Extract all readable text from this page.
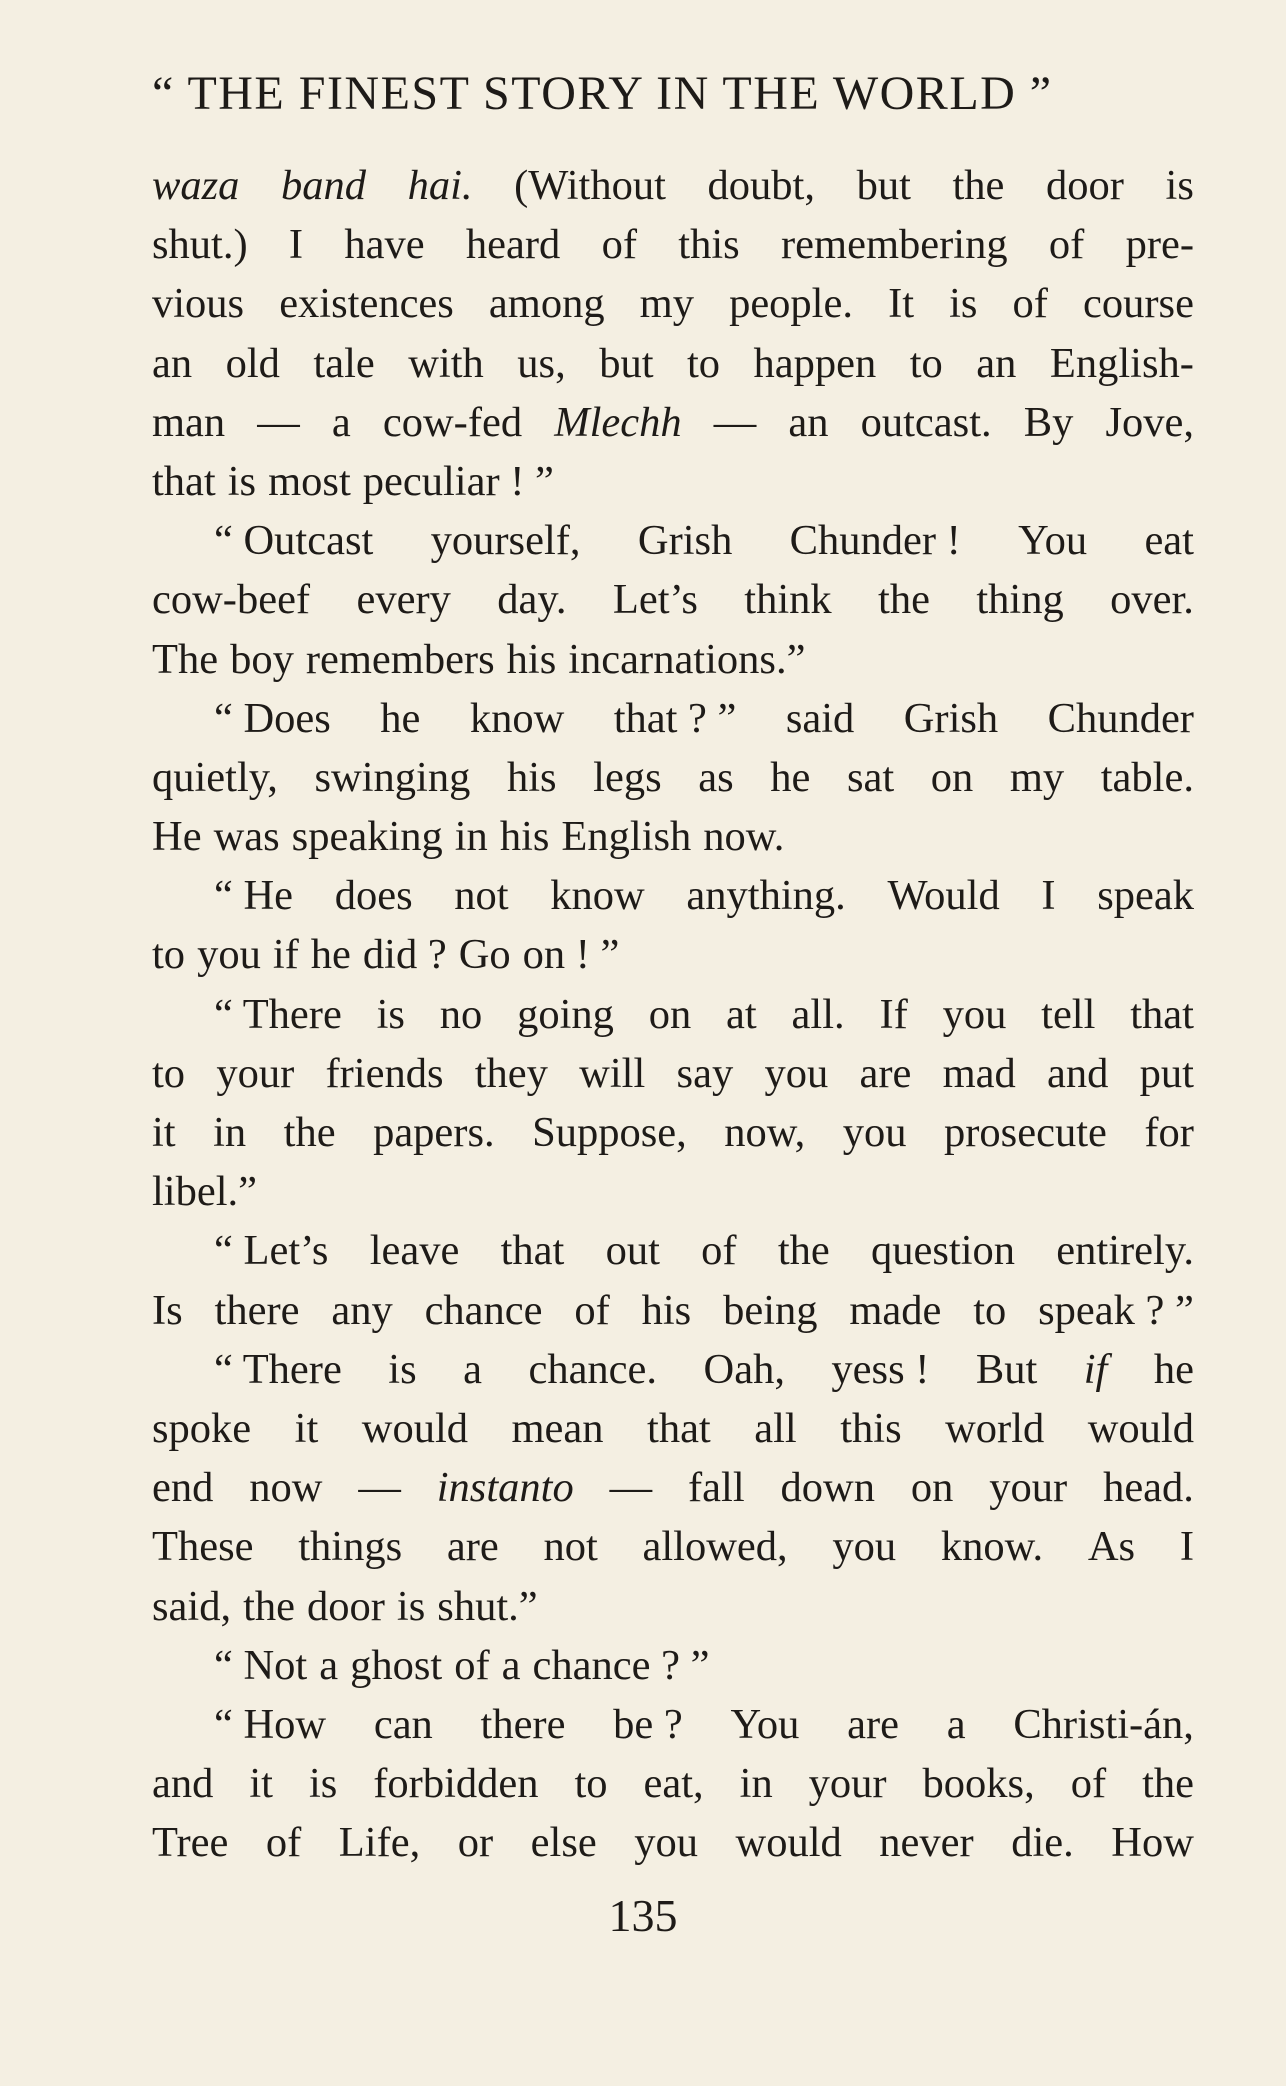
“ THE FINEST STORY IN THE WORLD ”
waza band hai. (Without doubt, but the door is
shut.) I have heard of this remembering of pre-
vious existences among my people. It is of course
an old tale with us, but to happen to an English-
man — a cow-fed Mlechh — an outcast. By Jove,
that is most peculiar ! ”
“ Outcast yourself, Grish Chunder ! You eat
cow-beef every day. Let’s think the thing over.
The boy remembers his incarnations.”
“ Does he know that ? ” said Grish Chunder
quietly, swinging his legs as he sat on my table.
He was speaking in his English now.
“ He does not know anything. Would I speak
to you if he did ? Go on ! ”
“ There is no going on at all. If you tell that
to your friends they will say you are mad and put
it in the papers. Suppose, now, you prosecute for
libel.”
“ Let’s leave that out of the question entirely.
Is there any chance of his being made to speak ? ”
“ There is a chance. Oah, yess ! But if he
spoke it would mean that all this world would
end now — instanto — fall down on your head.
These things are not allowed, you know. As I
said, the door is shut.”
“ Not a ghost of a chance ? ”
“ How can there be ? You are a Christi-án,
and it is forbidden to eat, in your books, of the
Tree of Life, or else you would never die. How
135
